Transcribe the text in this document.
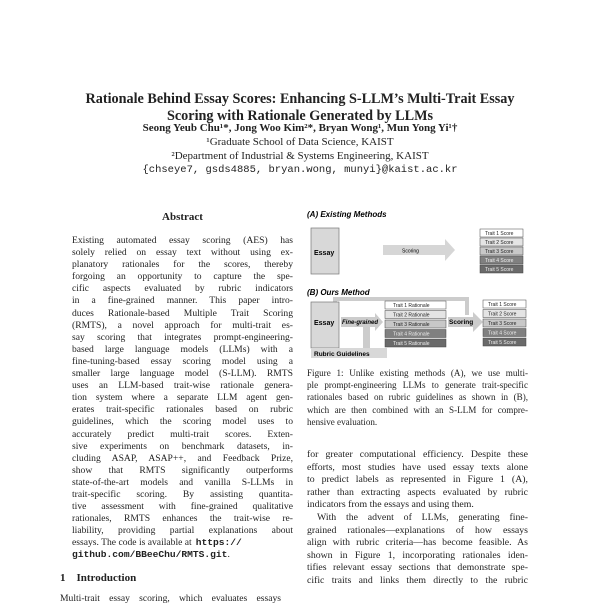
Rationale Behind Essay Scores: Enhancing S-LLM’s Multi-Trait Essay
Scoring with Rationale Generated by LLMs
Seong Yeub Chu¹*, Jong Woo Kim²*, Bryan Wong¹, Mun Yong Yi¹†
¹Graduate School of Data Science, KAIST
²Department of Industrial & Systems Engineering, KAIST
{chseye7, gsds4885, bryan.wong, munyi}@kaist.ac.kr
Abstract
Existing automated essay scoring (AES) has
solely relied on essay text without using ex-
planatory rationales for the scores, thereby
forgoing an opportunity to capture the spe-
cific aspects evaluated by rubric indicators
in a fine-grained manner. This paper intro-
duces Rationale-based Multiple Trait Scoring
(RMTS), a novel approach for multi-trait es-
say scoring that integrates prompt-engineering-
based large language models (LLMs) with a
fine-tuning-based essay scoring model using a
smaller large language model (S-LLM). RMTS
uses an LLM-based trait-wise rationale genera-
tion system where a separate LLM agent gen-
erates trait-specific rationales based on rubric
guidelines, which the scoring model uses to
accurately predict multi-trait scores. Exten-
sive experiments on benchmark datasets, in-
cluding ASAP, ASAP++, and Feedback Prize,
show that RMTS significantly outperforms
state-of-the-art models and vanilla S-LLMs in
trait-specific scoring. By assisting quantita-
tive assessment with fine-grained qualitative
rationales, RMTS enhances the trait-wise re-
liability, providing partial explanations about
essays. The code is available at https://
github.com/BBeeChu/RMTS.git.
1 Introduction
Multi-trait essay scoring, which evaluates essays
(A) Existing Methods
Essay	Scoring
Trait 1 Score
Trait 2 Score
Trait 3 Score
Trait 4 Score
Trait 5 Score
(B) Ours Method
Essay Fine-grained
Trait 1 Rationale
Trait 2 Rationale
Trait 3 Rationale
Trait 4 Rationale
Trait 5 Rationale
Scoring
Trait 1 Score
Trait 2 Score
Trait 3 Score
Trait 4 Score
Trait 5 Score
Rubric Guidelines
Figure 1: Unlike existing methods (A), we use multi-
ple prompt-engineering LLMs to generate trait-specific
rationales based on rubric guidelines as shown in (B),
which are then combined with an S-LLM for compre-
hensive evaluation.
for greater computational efficiency. Despite these
efforts, most studies have used essay texts alone
to predict labels as represented in Figure 1 (A),
rather than extracting aspects evaluated by rubric
indicators from the essays and using them.
With the advent of LLMs, generating fine-
grained rationales—explanations of how essays
align with rubric criteria—has become feasible. As
shown in Figure 1, incorporating rationales iden-
tifies relevant essay sections that demonstrate spe-
cific traits and links them directly to the rubric
